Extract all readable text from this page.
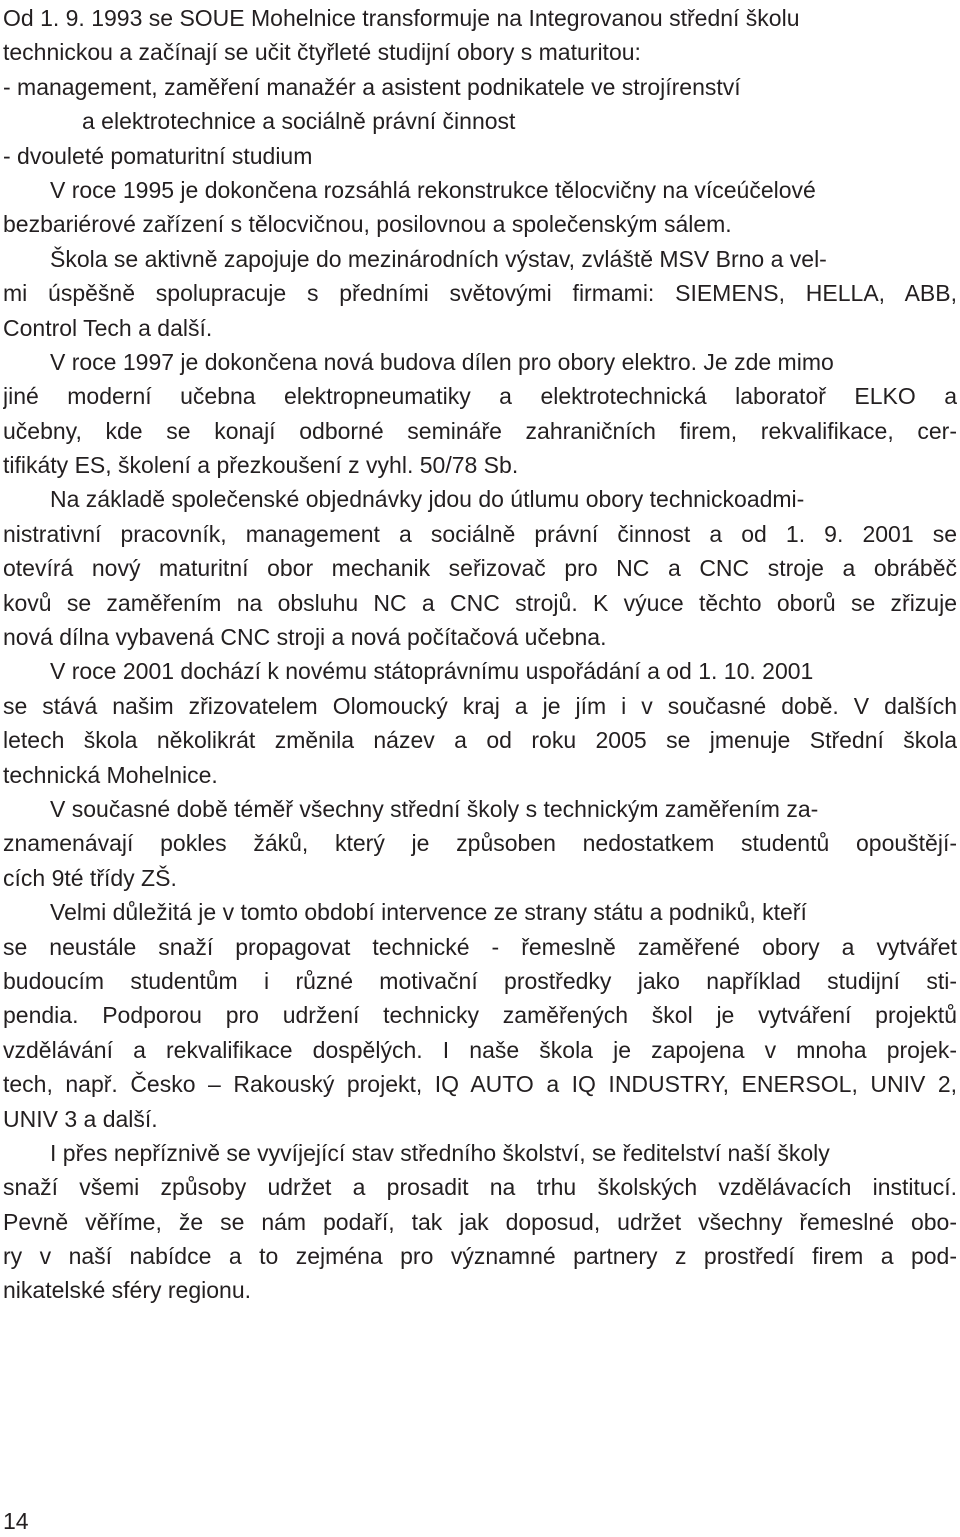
Od 1. 9. 1993 se SOUE Mohelnice transformuje na Integrovanou střední školu
technickou a začínají se učit čtyřleté studijní obory s maturitou:
- management, zaměření manažér a asistent podnikatele ve strojírenství
a elektrotechnice a sociálně právní činnost
- dvouleté pomaturitní studium
V roce 1995 je dokončena rozsáhlá rekonstrukce tělocvičny na víceúčelové
bezbariérové zařízení s tělocvičnou, posilovnou a společenským sálem.
Škola se aktivně zapojuje do mezinárodních výstav, zvláště MSV Brno a vel-
mi úspěšně spolupracuje s předními světovými firmami: SIEMENS, HELLA, ABB,
Control Tech a další.
V roce 1997 je dokončena nová budova dílen pro obory elektro. Je zde mimo
jiné moderní učebna elektropneumatiky a elektrotechnická laboratoř ELKO a
učebny, kde se konají odborné semináře zahraničních firem, rekvalifikace, cer-
tifikáty ES, školení a přezkoušení z vyhl. 50/78 Sb.
Na základě společenské objednávky jdou do útlumu obory technickoadmi-
nistrativní pracovník, management a sociálně právní činnost a od 1. 9. 2001 se
otevírá nový maturitní obor mechanik seřizovač pro NC a CNC stroje a obráběč
kovů se zaměřením na obsluhu NC a CNC strojů. K výuce těchto oborů se zřizuje
nová dílna vybavená CNC stroji a nová počítačová učebna.
V roce 2001 dochází k novému státoprávnímu uspořádání a od 1. 10. 2001
se stává našim zřizovatelem Olomoucký kraj a je jím i v současné době. V dalších
letech škola několikrát změnila název a od roku 2005 se jmenuje Střední škola
technická Mohelnice.
V současné době téměř všechny střední školy s technickým zaměřením za-
znamenávají pokles žáků, který je způsoben nedostatkem studentů opouštějí-
cích 9té třídy ZŠ.
Velmi důležitá je v tomto období intervence ze strany státu a podniků, kteří
se neustále snaží propagovat technické - řemeslně zaměřené obory a vytvářet
budoucím studentům i různé motivační prostředky jako například studijní sti-
pendia. Podporou pro udržení technicky zaměřených škol je vytváření projektů
vzdělávání a rekvalifikace dospělých. I naše škola je zapojena v mnoha projek-
tech, např. Česko – Rakouský projekt, IQ AUTO a IQ INDUSTRY, ENERSOL, UNIV 2,
UNIV 3 a další.
I přes nepříznivě se vyvíjející stav středního školství, se ředitelství naší školy
snaží všemi způsoby udržet a prosadit na trhu školských vzdělávacích institucí.
Pevně věříme, že se nám podaří, tak jak doposud, udržet všechny řemeslné obo-
ry v naší nabídce a to zejména pro významné partnery z prostředí firem a pod-
nikatelské sféry regionu.
14
